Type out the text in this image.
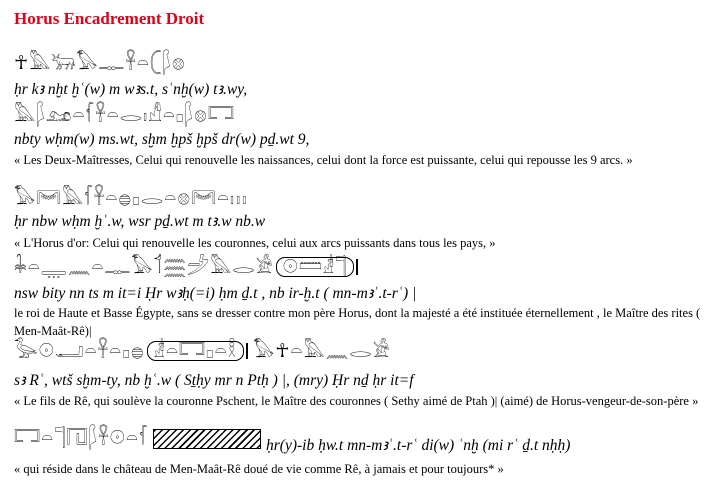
Horus Encadrement Droit
☥𓅓𓃒𓅃𓊃𓋹𓏏𓍹𓆄𓊖
ḥr kꜣ nḫt ḫʿ(w) m wꜣs.t, sʿnḫ(w) tꜣ.wy,
𓅓𓆄𓃭𓏏𓆳𓋹𓏏𓂋𓏤𓀭𓏏𓊪𓆄𓊖𓉐
nbty wḥm(w) ms.wt, sḫm ḫpš ḫpš dr(w) pḏ.wt 9,
« Les Deux-Maîtresses, Celui qui renouvelle les naissances, celui dont la force est puissante, celui qui repousse les 9 arcs. »
𓅃𓋞𓅓𓆳𓋹𓏏𓐍𓊪𓂋𓏏𓊖𓋞𓏏𓏥
ḥr nbw wḥm ḫʿ.w, wsr pḏ.wt m tꜣ.w nb.w
« L'Horus d'or: Celui qui renouvelle les couronnes, celui aux arcs puissants dans tous les pays, »
𓇓𓏏𓇾𓈖𓏏𓊃𓅃𓄊𓈗𓌶𓅓𓂋𓀀 𓇳𓏠𓁦𓊹
nsw bity nn ts m it=i Ḥr wꜣḥ(=i) ḥm ḏ.t , nb ir-ḫ.t ( mn-mꜣʿ.t-rʿ) |
le roi de Haute et Basse Égypte, sans se dresser contre mon père Horus, dont la majesté a été instituée éternellement , le Maître des rites ( Men-Maât-Rê)|
𓅭𓇳𓂝𓏏𓋹𓏏𓊪𓐍 𓁦𓏏𓉐𓊪𓏏𓎛 𓅃☥𓏏𓅓𓈖𓂋𓀀
sꜣ Rʿ, wtš sḫm-ty, nb ḫʿ.w ( Sṯḥy mr n Ptḥ ) |, (mry) Ḥr nḏ ḥr it=f
« Le fils de Rê, qui soulève la couronne Pschent, le Maître des couronnes ( Sethy aimé de Ptah )| (aimé) de Horus-vengeur-de-son-père »
𓉐𓏏𓊹𓉔𓆄𓋹𓇳𓏏𓆳	ḥr(y)-ib ḥw.t mn-mꜣʿ.t-rʿ di(w) ʿnḫ (mi rʿ ḏ.t nḥḥ)
« qui réside dans le château de Men-Maât-Rê doué de vie comme Rê, à jamais et pour toujours* »
